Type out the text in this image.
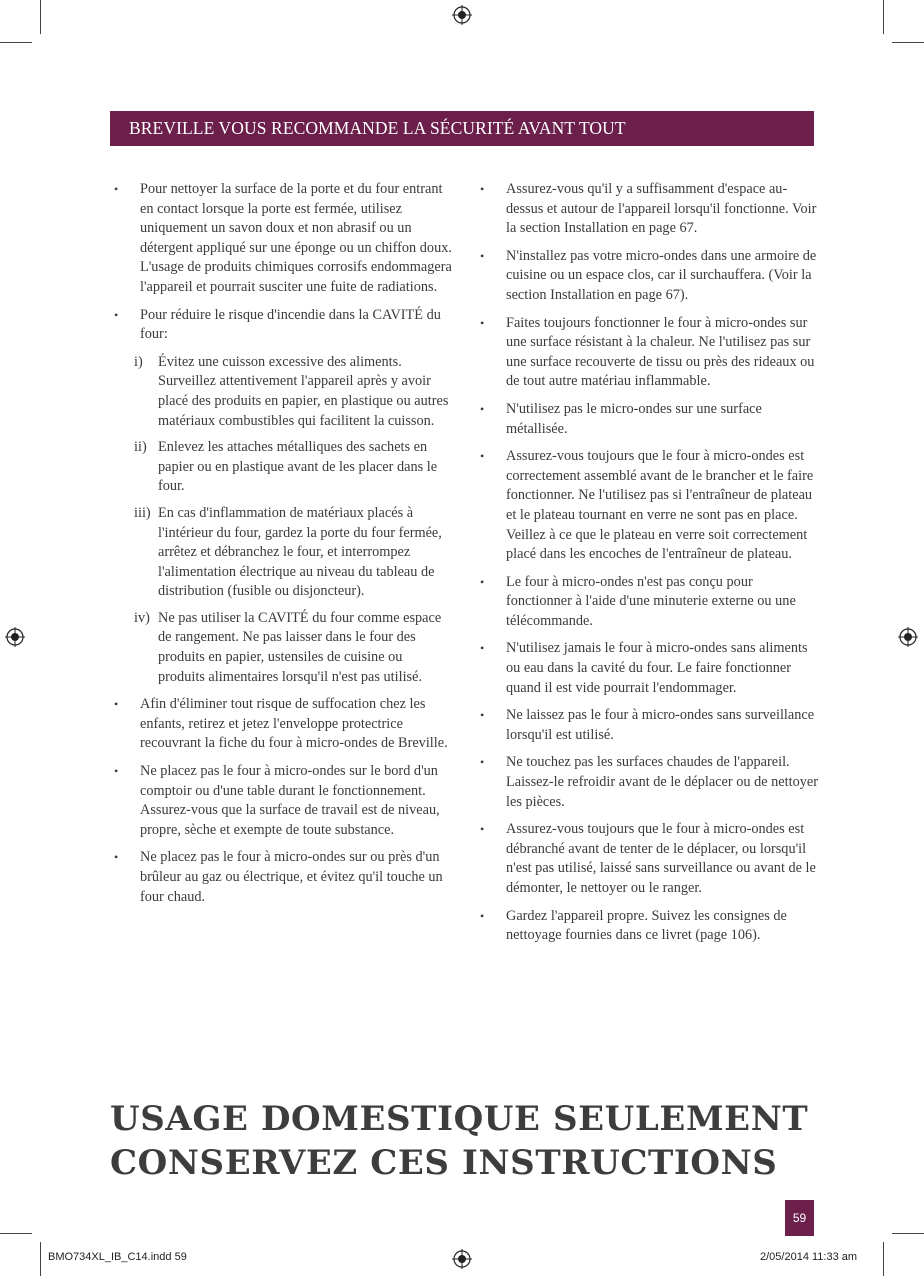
BREVILLE VOUS RECOMMANDE LA SÉCURITÉ AVANT TOUT
• Pour nettoyer la surface de la porte et du four entrant en contact lorsque la porte est fermée, utilisez uniquement un savon doux et non abrasif ou un détergent appliqué sur une éponge ou un chiffon doux. L'usage de produits chimiques corrosifs endommagera l'appareil et pourrait susciter une fuite de radiations.
• Pour réduire le risque d'incendie dans la CAVITÉ du four:
i)	Évitez une cuisson excessive des aliments. Surveillez attentivement l'appareil après y avoir placé des produits en papier, en plastique ou autres matériaux combustibles qui facilitent la cuisson.
ii) Enlevez les attaches métalliques des sachets en papier ou en plastique avant de les placer dans le four.
iii) En cas d'inflammation de matériaux placés à l'intérieur du four, gardez la porte du four fermée, arrêtez et débranchez le four, et interrompez l'alimentation électrique au niveau du tableau de distribution (fusible ou disjoncteur).
iv) Ne pas utiliser la CAVITÉ du four comme espace de rangement. Ne pas laisser dans le four des produits en papier, ustensiles de cuisine ou produits alimentaires lorsqu'il n'est pas utilisé.
• Afin d'éliminer tout risque de suffocation chez les enfants, retirez et jetez l'enveloppe protectrice recouvrant la fiche du four à micro-ondes de Breville.
• Ne placez pas le four à micro-ondes sur le bord d'un comptoir ou d'une table durant le fonctionnement. Assurez-vous que la surface de travail est de niveau, propre, sèche et exempte de toute substance.
• Ne placez pas le four à micro-ondes sur ou près d'un brûleur au gaz ou électrique, et évitez qu'il touche un four chaud.
• Assurez-vous qu'il y a suffisamment d'espace au-dessus et autour de l'appareil lorsqu'il fonctionne. Voir la section Installation en page 67.
• N'installez pas votre micro-ondes dans une armoire de cuisine ou un espace clos, car il surchauffera. (Voir la section Installation en page 67).
• Faites toujours fonctionner le four à micro-ondes sur une surface résistant à la chaleur. Ne l'utilisez pas sur une surface recouverte de tissu ou près des rideaux ou de tout autre matériau inflammable.
• N'utilisez pas le micro-ondes sur une surface métallisée.
• Assurez-vous toujours que le four à micro-ondes est correctement assemblé avant de le brancher et le faire fonctionner. Ne l'utilisez pas si l'entraîneur de plateau et le plateau tournant en verre ne sont pas en place. Veillez à ce que le plateau en verre soit correctement placé dans les encoches de l'entraîneur de plateau.
• Le four à micro-ondes n'est pas conçu pour fonctionner à l'aide d'une minuterie externe ou une télécommande.
• N'utilisez jamais le four à micro-ondes sans aliments ou eau dans la cavité du four. Le faire fonctionner quand il est vide pourrait l'endommager.
• Ne laissez pas le four à micro-ondes sans surveillance lorsqu'il est utilisé.
• Ne touchez pas les surfaces chaudes de l'appareil. Laissez-le refroidir avant de le déplacer ou de nettoyer les pièces.
• Assurez-vous toujours que le four à micro-ondes est débranché avant de tenter de le déplacer, ou lorsqu'il n'est pas utilisé, laissé sans surveillance ou avant de le démonter, le nettoyer ou le ranger.
• Gardez l'appareil propre. Suivez les consignes de nettoyage fournies dans ce livret (page 106).
USAGE DOMESTIQUE SEULEMENT
CONSERVEZ CES INSTRUCTIONS
59
BMO734XL_IB_C14.indd 59	2/05/2014 11:33 am
